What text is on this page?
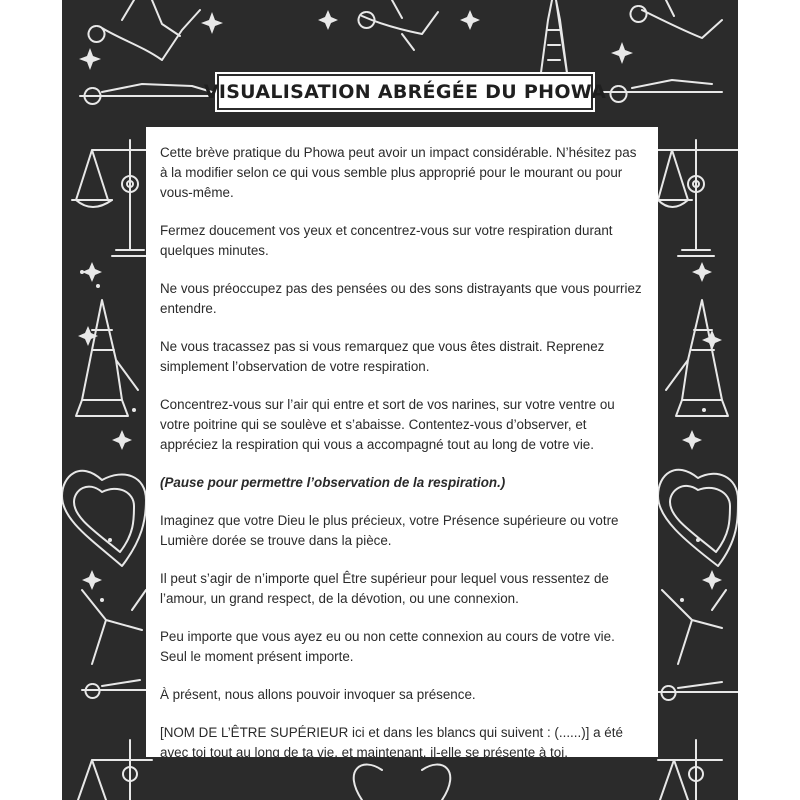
VISUALISATION ABRÉGÉE DU PHOWA

Cette brève pratique du Phowa peut avoir un impact considérable. N’hésitez pas à la modifier selon ce qui vous semble plus approprié pour le mourant ou pour vous-même.

Fermez doucement vos yeux et concentrez-vous sur votre respiration durant quelques minutes.

Ne vous préoccupez pas des pensées ou des sons distrayants que vous pourriez entendre.

Ne vous tracassez pas si vous remarquez que vous êtes distrait. Reprenez simplement l’observation de votre respiration.

Concentrez-vous sur l’air qui entre et sort de vos narines, sur votre ventre ou votre poitrine qui se soulève et s’abaisse. Contentez-vous d’observer, et appréciez la respiration qui vous a accompagné tout au long de votre vie.

(Pause pour permettre l’observation de la respiration.)

Imaginez que votre Dieu le plus précieux, votre Présence supérieure ou votre Lumière dorée se trouve dans la pièce.

Il peut s’agir de n’importe quel Être supérieur pour lequel vous ressentez de l’amour, un grand respect, de la dévotion, ou une connexion.

Peu importe que vous ayez eu ou non cette connexion au cours de votre vie. Seul le moment présent importe.

À présent, nous allons pouvoir invoquer sa présence.

[NOM DE L’ÊTRE SUPÉRIEUR ici et dans les blancs qui suivent : (......)] a été avec toi tout au long de ta vie, et maintenant, il-elle se présente à toi.
